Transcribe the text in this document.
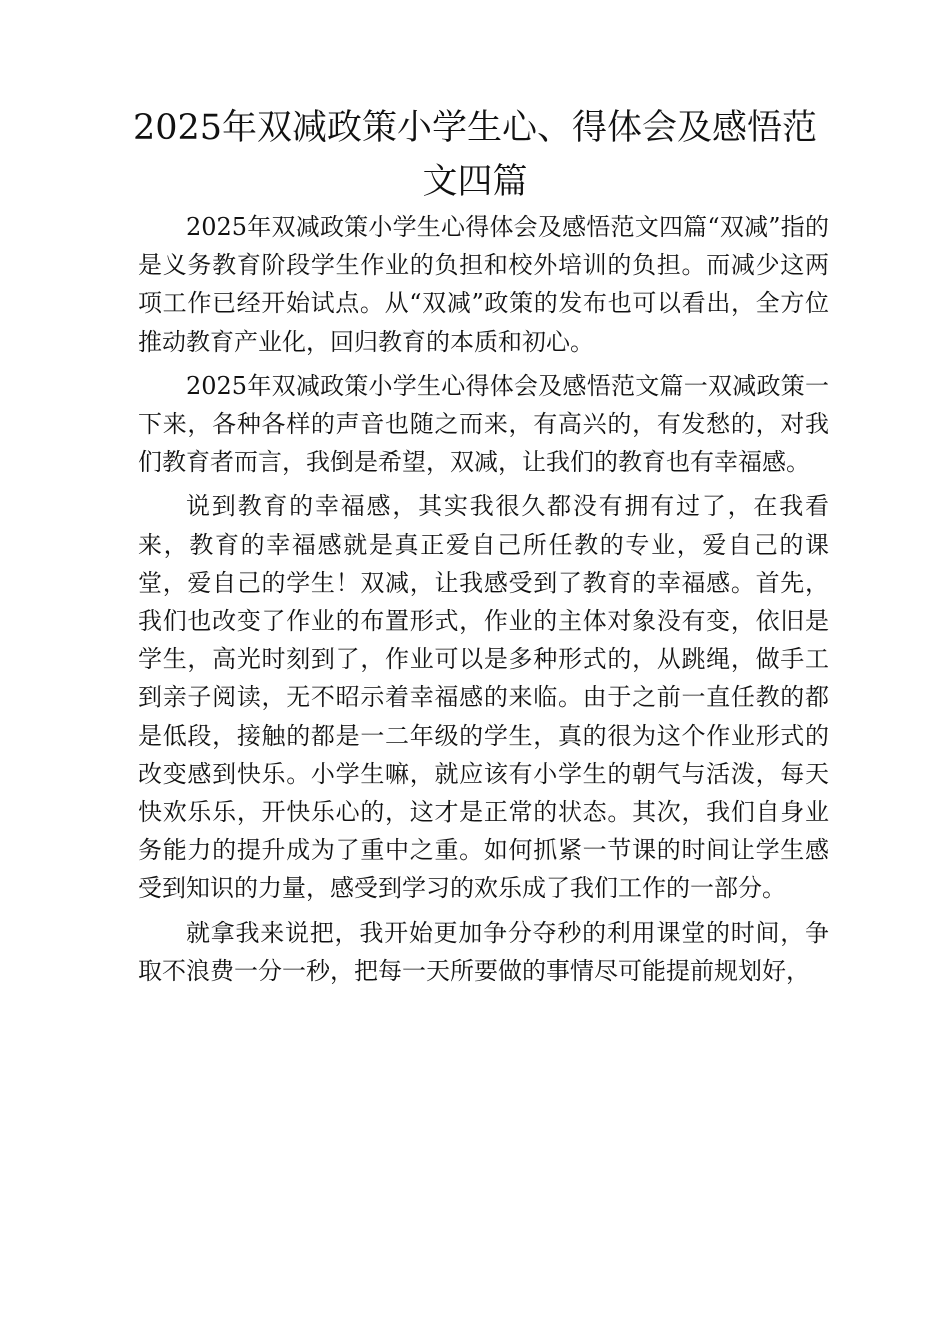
2025年双减政策小学生心、得体会及感悟范文四篇

2025年双减政策小学生心得体会及感悟范文四篇“双减”指的是义务教育阶段学生作业的负担和校外培训的负担。而减少这两项工作已经开始试点。从“双减”政策的发布也可以看出，全方位推动教育产业化，回归教育的本质和初心。

2025年双减政策小学生心得体会及感悟范文篇一双减政策一下来，各种各样的声音也随之而来，有高兴的，有发愁的，对我们教育者而言，我倒是希望，双减，让我们的教育也有幸福感。

说到教育的幸福感，其实我很久都没有拥有过了，在我看来，教育的幸福感就是真正爱自己所任教的专业，爱自己的课堂，爱自己的学生！双减，让我感受到了教育的幸福感。首先，我们也改变了作业的布置形式，作业的主体对象没有变，依旧是学生，高光时刻到了，作业可以是多种形式的，从跳绳，做手工到亲子阅读，无不昭示着幸福感的来临。由于之前一直任教的都是低段，接触的都是一二年级的学生，真的很为这个作业形式的改变感到快乐。小学生嘛，就应该有小学生的朝气与活泼，每天快欢乐乐，开快乐心的，这才是正常的状态。其次，我们自身业务能力的提升成为了重中之重。如何抓紧一节课的时间让学生感受到知识的力量，感受到学习的欢乐成了我们工作的一部分。

就拿我来说把，我开始更加争分夺秒的利用课堂的时间，争取不浪费一分一秒，把每一天所要做的事情尽可能提前规划好，
